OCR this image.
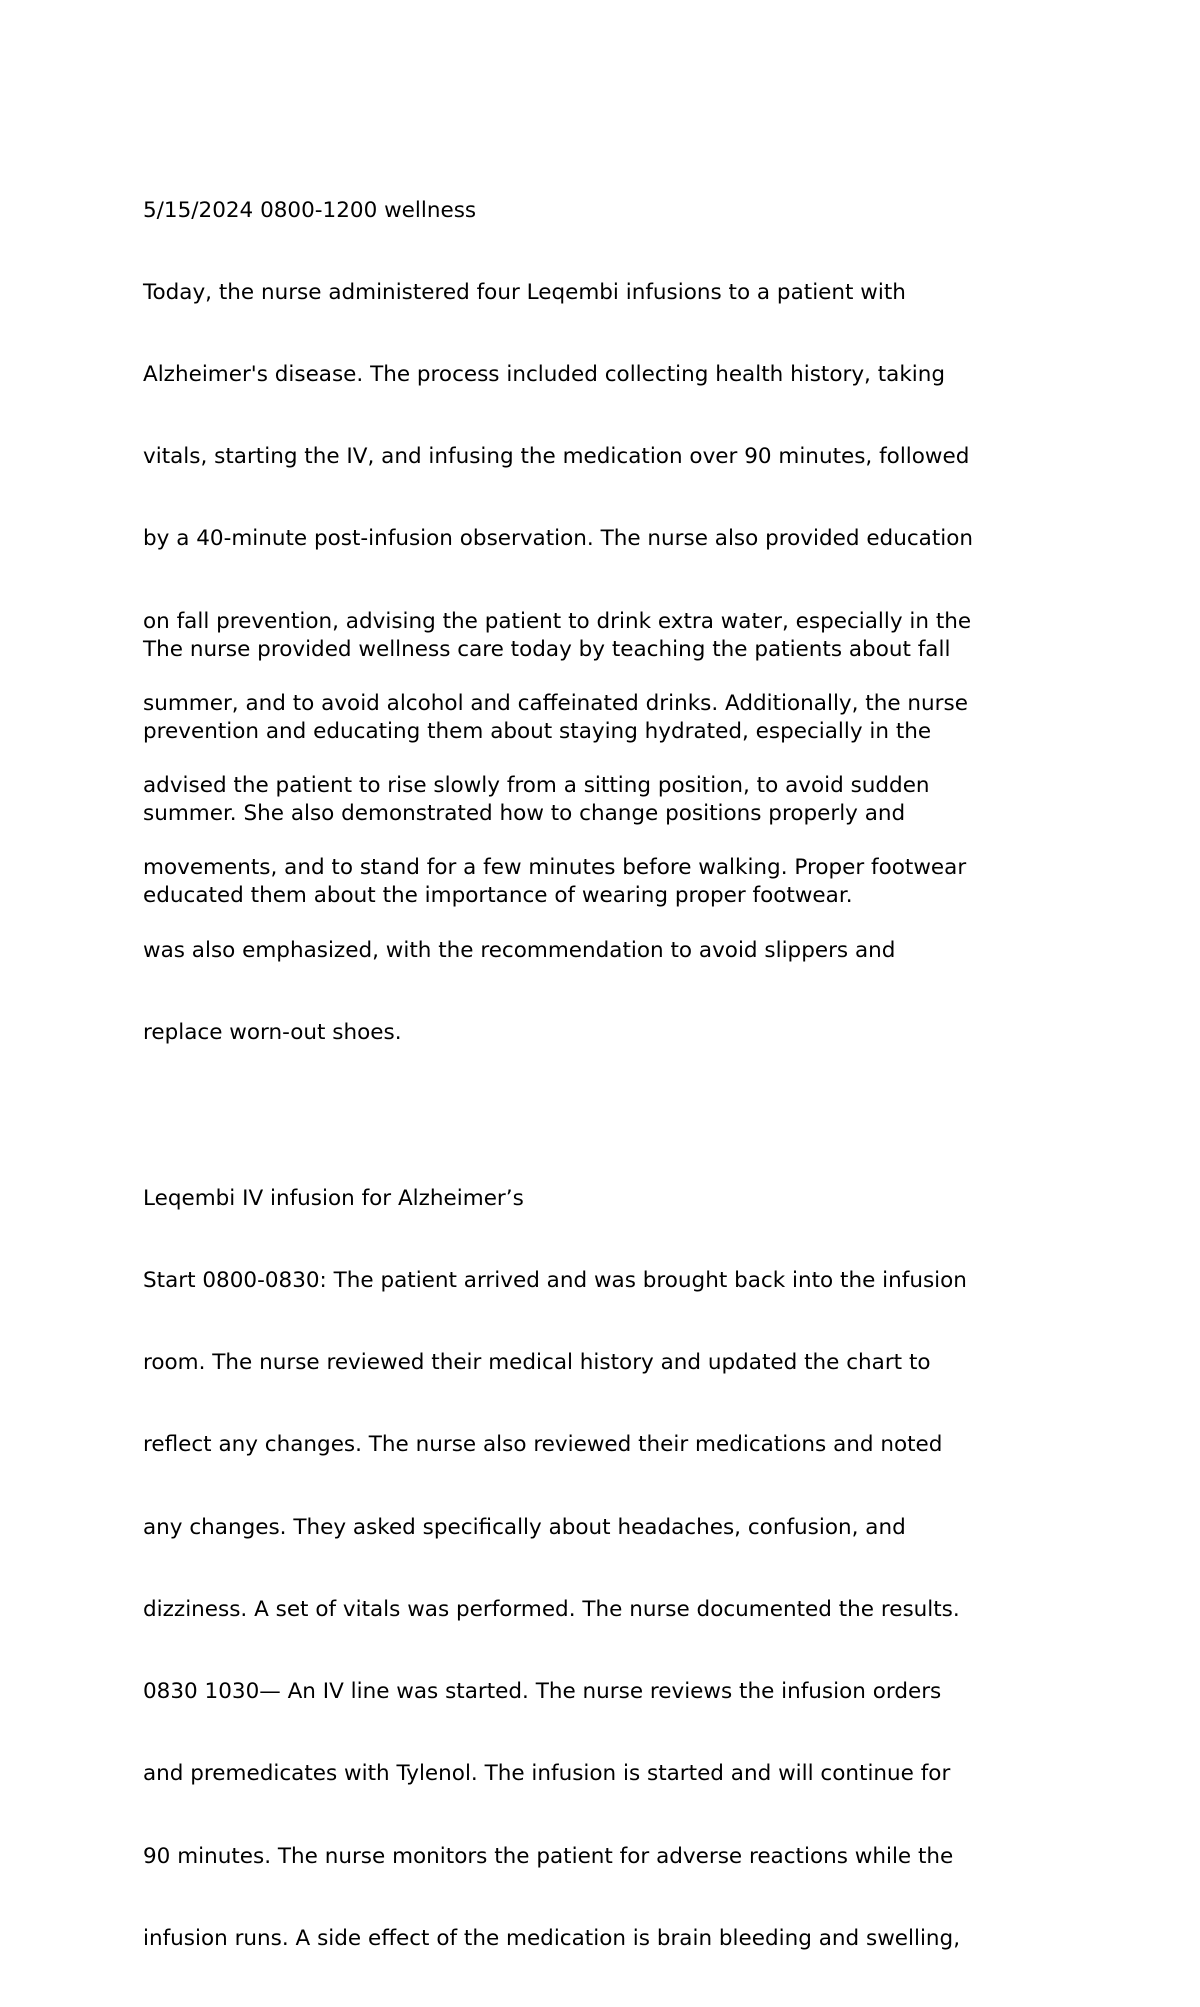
5/15/2024 0800-1200 wellness

Today, the nurse administered four Leqembi infusions to a patient with

Alzheimer's disease. The process included collecting health history, taking

vitals, starting the IV, and infusing the medication over 90 minutes, followed

by a 40-minute post-infusion observation. The nurse also provided education

on fall prevention, advising the patient to drink extra water, especially in the

summer, and to avoid alcohol and caffeinated drinks. Additionally, the nurse

advised the patient to rise slowly from a sitting position, to avoid sudden

movements, and to stand for a few minutes before walking. Proper footwear

was also emphasized, with the recommendation to avoid slippers and

replace worn-out shoes.

The nurse provided wellness care today by teaching the patients about fall

prevention and educating them about staying hydrated, especially in the

summer. She also demonstrated how to change positions properly and

educated them about the importance of wearing proper footwear.

Leqembi IV infusion for Alzheimer’s

Start 0800-0830: The patient arrived and was brought back into the infusion

room. The nurse reviewed their medical history and updated the chart to

reflect any changes. The nurse also reviewed their medications and noted

any changes. They asked specifically about headaches, confusion, and

dizziness. A set of vitals was performed. The nurse documented the results.

0830 1030— An IV line was started. The nurse reviews the infusion orders

and premedicates with Tylenol. The infusion is started and will continue for

90 minutes. The nurse monitors the patient for adverse reactions while the

infusion runs. A side effect of the medication is brain bleeding and swelling,
